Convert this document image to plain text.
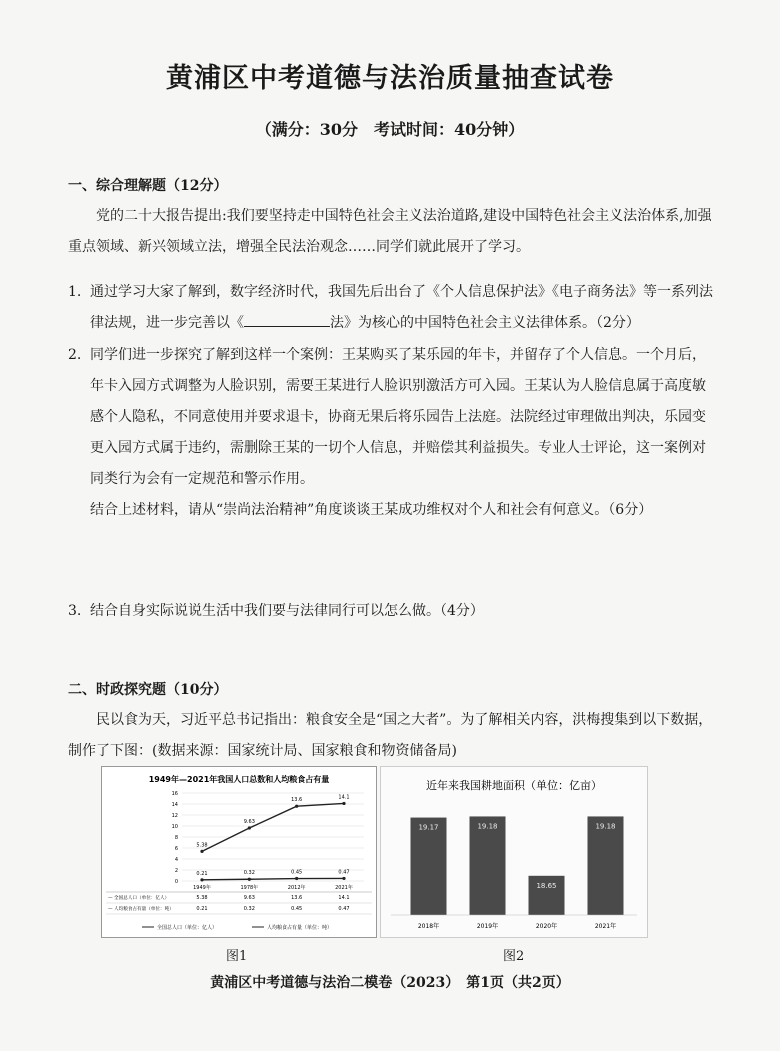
黄浦区中考道德与法治质量抽查试卷
（满分：30分　考试时间：40分钟）
一、综合理解题（12分）
党的二十大报告提出:我们要坚持走中国特色社会主义法治道路,建设中国特色社会主义法治体系,加强重点领域、新兴领域立法，增强全民法治观念……同学们就此展开了学习。
1. 通过学习大家了解到，数字经济时代，我国先后出台了《个人信息保护法》《电子商务法》等一系列法律法规，进一步完善以《	法》为核心的中国特色社会主义法律体系。（2分）
2. 同学们进一步探究了解到这样一个案例：王某购买了某乐园的年卡，并留存了个人信息。一个月后，年卡入园方式调整为人脸识别，需要王某进行人脸识别激活方可入园。王某认为人脸信息属于高度敏感个人隐私，不同意使用并要求退卡，协商无果后将乐园告上法庭。法院经过审理做出判决，乐园变更入园方式属于违约，需删除王某的一切个人信息，并赔偿其利益损失。专业人士评论，这一案例对同类行为会有一定规范和警示作用。
结合上述材料，请从“崇尚法治精神”角度谈谈王某成功维权对个人和社会有何意义。（6分）
3. 结合自身实际说说生活中我们要与法律同行可以怎么做。（4分）
二、时政探究题（10分）
民以食为天，习近平总书记指出：粮食安全是“国之大者”。为了解相关内容，洪梅搜集到以下数据，制作了下图：(数据来源：国家统计局、国家粮食和物资储备局)
1949年—2021年我国人口总数和人均粮食占有量
0
2
4
6
8
10
12
14
16
5.38
9.63
13.6	14.1
0.21	0.32	0.45	0.47
1949年	1978年	2012年	2021年
— 全国总人口（单位：亿人）	5.38	9.63	13.6	14.1
— 人均粮食占有量（单位：吨）	0.21	0.32	0.45	0.47
全国总人口（单位：亿人）	人均粮食占有量（单位：吨）
图1
近年来我国耕地面积（单位：亿亩）
19.17
2018年
19.18
2019年
18.65
2020年
19.18
2021年
图2
黄浦区中考道德与法治二模卷（2023）　第1页（共2页）
